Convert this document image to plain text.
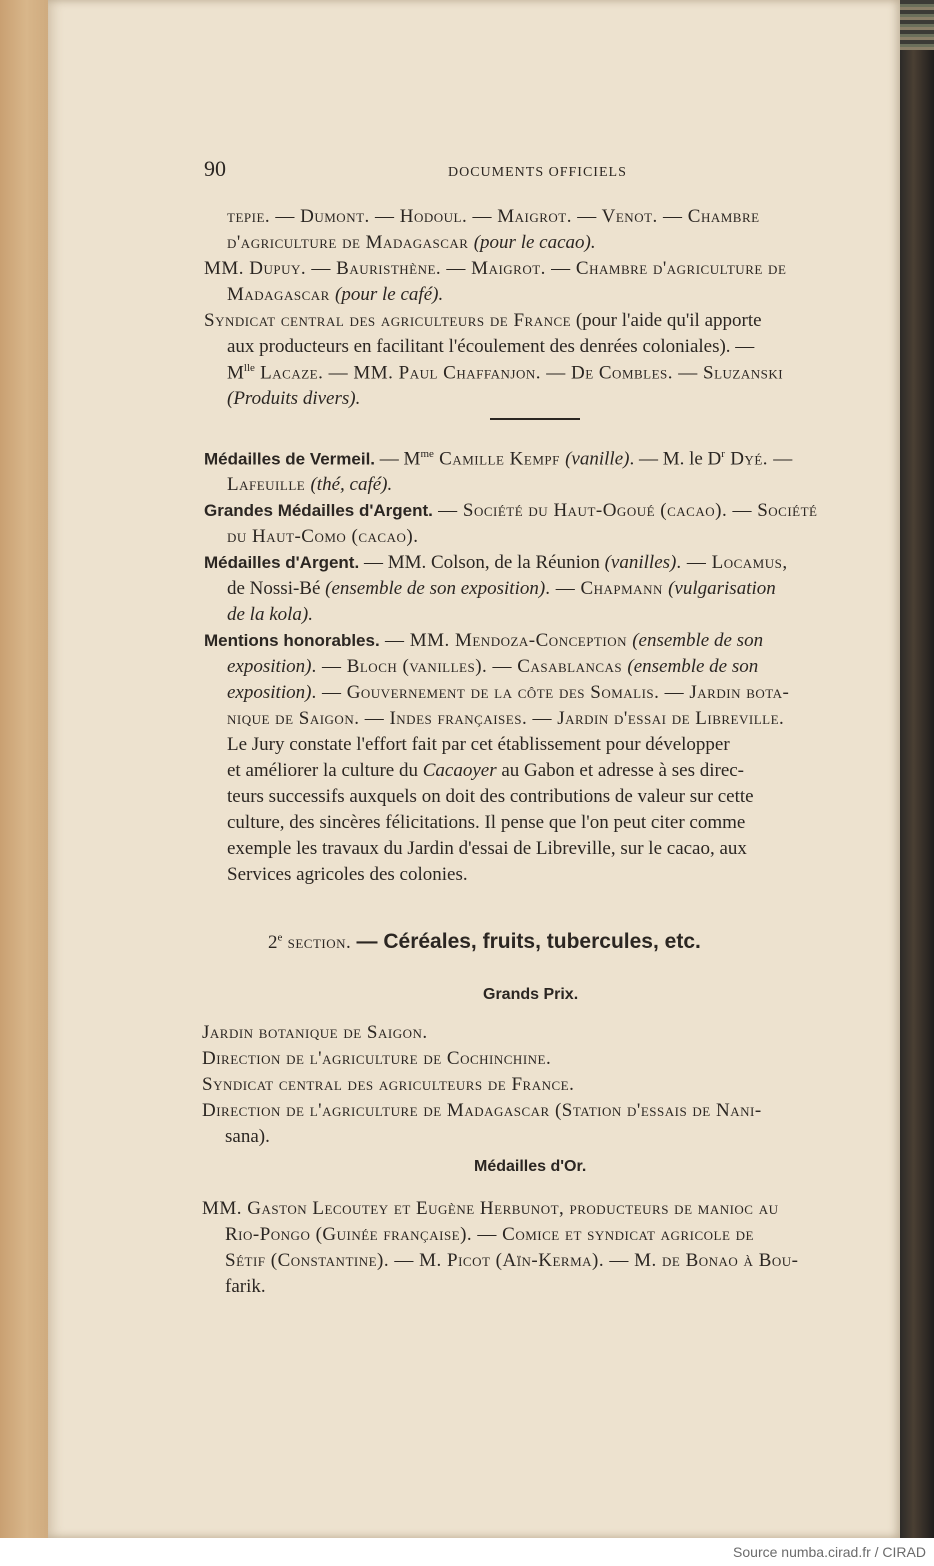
90	DOCUMENTS OFFICIELS
tepie. — Dumont. — Hodoul. — Maigrot. — Venot. — Chambre
d'agriculture de Madagascar (pour le cacao).
MM. Dupuy. — Bauristhène. — Maigrot. — Chambre d'agriculture de
Madagascar (pour le café).
Syndicat central des agriculteurs de France (pour l'aide qu'il apporte
aux producteurs en facilitant l'écoulement des denrées coloniales). —
$M^{lle}$ Lacaze. — MM. Paul Chaffanjon. — De Combles. — Sluzanski
(Produits divers).
Médailles de Vermeil. — $M^{me}$ Camille Kempf (vanille). — M. le $D^r$ Dyé. —
Lafeuille (thé, café).
Grandes Médailles d'Argent. — Société du Haut-Ogoué (cacao). — Société
du Haut-Como (cacao).
Médailles d'Argent. — MM. Colson, de la Réunion (vanilles). — Locamus,
de Nossi-Bé (ensemble de son exposition). — Chapmann (vulgarisation
de la kola).
Mentions honorables. — MM. Mendoza-Conception (ensemble de son
exposition). — Bloch (vanilles). — Casablancas (ensemble de son
exposition). — Gouvernement de la côte des Somalis. — Jardin bota-
nique de Saigon. — Indes françaises. — Jardin d'essai de Libreville.
Le Jury constate l'effort fait par cet établissement pour développer
et améliorer la culture du Cacaoyer au Gabon et adresse à ses direc-
teurs successifs auxquels on doit des contributions de valeur sur cette
culture, des sincères félicitations. Il pense que l'on peut citer comme
exemple les travaux du Jardin d'essai de Libreville, sur le cacao, aux
Services agricoles des colonies.
2e section. — Céréales, fruits, tubercules, etc.
Grands Prix.
Jardin botanique de Saigon.
Direction de l'agriculture de Cochinchine.
Syndicat central des agriculteurs de France.
Direction de l'agriculture de Madagascar (Station d'essais de Nani-
sana).
Médailles d'Or.
MM. Gaston Lecoutey et Eugène Herbunot, producteurs de manioc au
Rio-Pongo (Guinée française). — Comice et syndicat agricole de
Sétif (Constantine). — M. Picot (Aïn-Kerma). — M. de Bonao à Bou-
farik.
Source numba.cirad.fr / CIRAD
